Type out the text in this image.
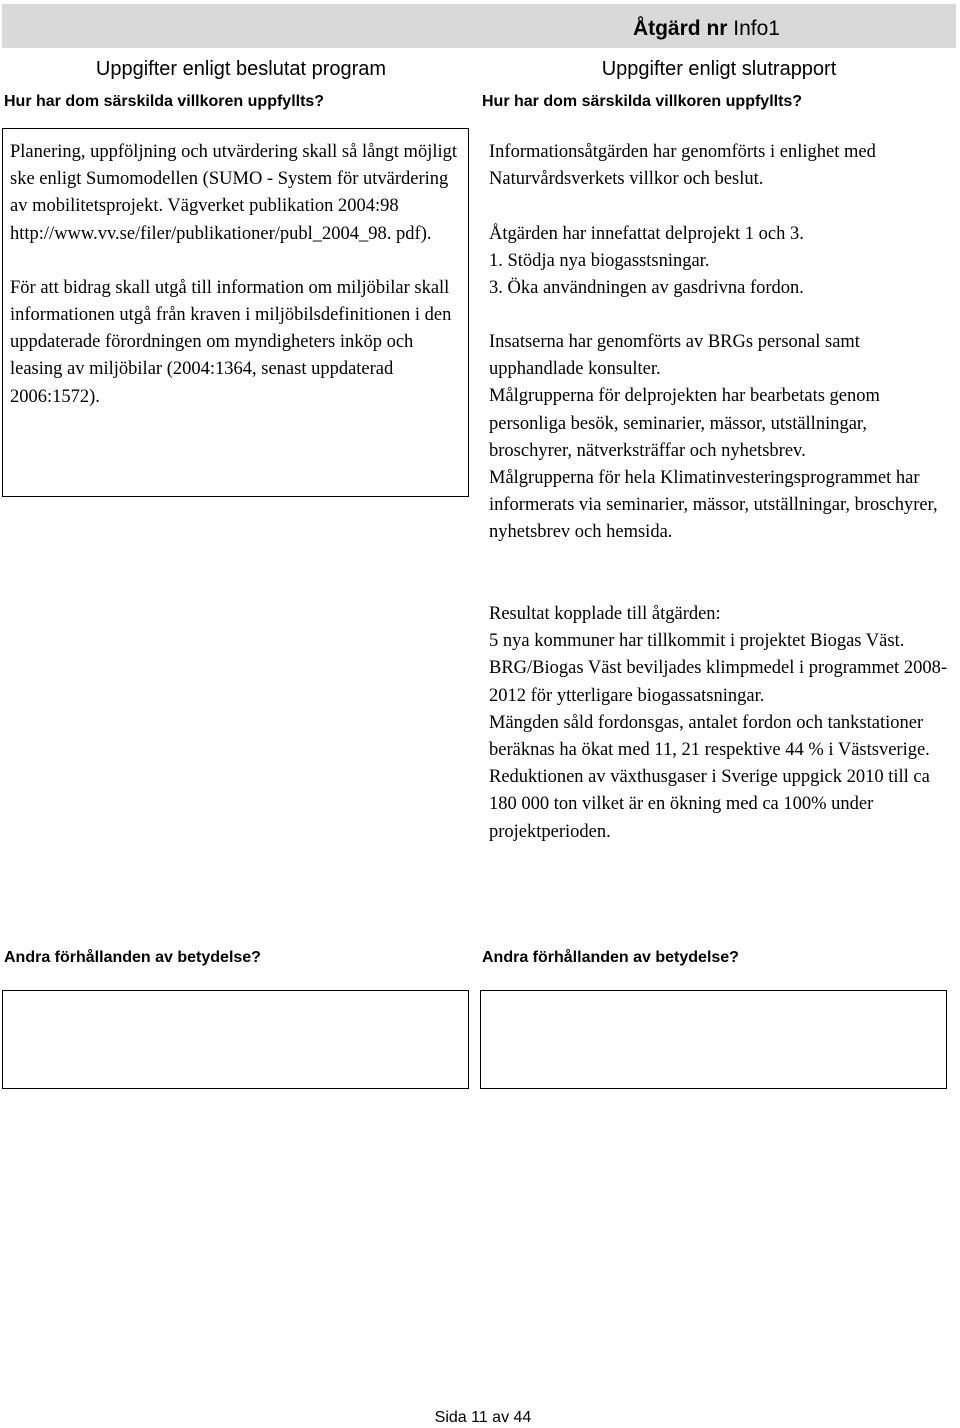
Åtgärd nr Info1
Uppgifter enligt beslutat program
Hur har dom särskilda villkoren uppfyllts?

Planering, uppföljning och utvärdering skall så långt möjligt ske enligt Sumomodellen (SUMO - System för utvärdering av mobilitetsprojekt. Vägverket publikation 2004:98 http://www.vv.se/filer/publikationer/publ_2004_98. pdf).

För att bidrag skall utgå till information om miljöbilar skall informationen utgå från kraven i miljöbilsdefinitionen i den uppdaterade förordningen om myndigheters inköp och leasing av miljöbilar (2004:1364, senast uppdaterad 2006:1572).

Andra förhållanden av betydelse?
Uppgifter enligt slutrapport
Hur har dom särskilda villkoren uppfyllts?

Informationsåtgärden har genomförts i enlighet med Naturvårdsverkets villkor och beslut.

Åtgärden har innefattat delprojekt 1 och 3.

1. Stödja nya biogasstsningar.

3. Öka användningen av gasdrivna fordon.

Insatserna har genomförts av BRGs personal samt upphandlade konsulter.

Målgrupperna för delprojekten har bearbetats genom personliga besök, seminarier, mässor, utställningar, broschyrer, nätverksträffar och nyhetsbrev.

Målgrupperna för hela Klimatinvesteringsprogrammet har informerats via seminarier, mässor, utställningar, broschyrer, nyhetsbrev och hemsida.

Resultat kopplade till åtgärden:

5 nya kommuner har tillkommit i projektet Biogas Väst.

BRG/Biogas Väst beviljades klimpmedel i programmet 2008-2012 för ytterligare biogassatsningar.

Mängden såld fordonsgas, antalet fordon och tankstationer beräknas ha ökat med 11, 21 respektive 44 % i Västsverige.

Reduktionen av växthusgaser i Sverige uppgick 2010 till ca 180 000 ton vilket är en ökning med ca 100% under projektperioden.

Andra förhållanden av betydelse?
Sida 11 av 44
